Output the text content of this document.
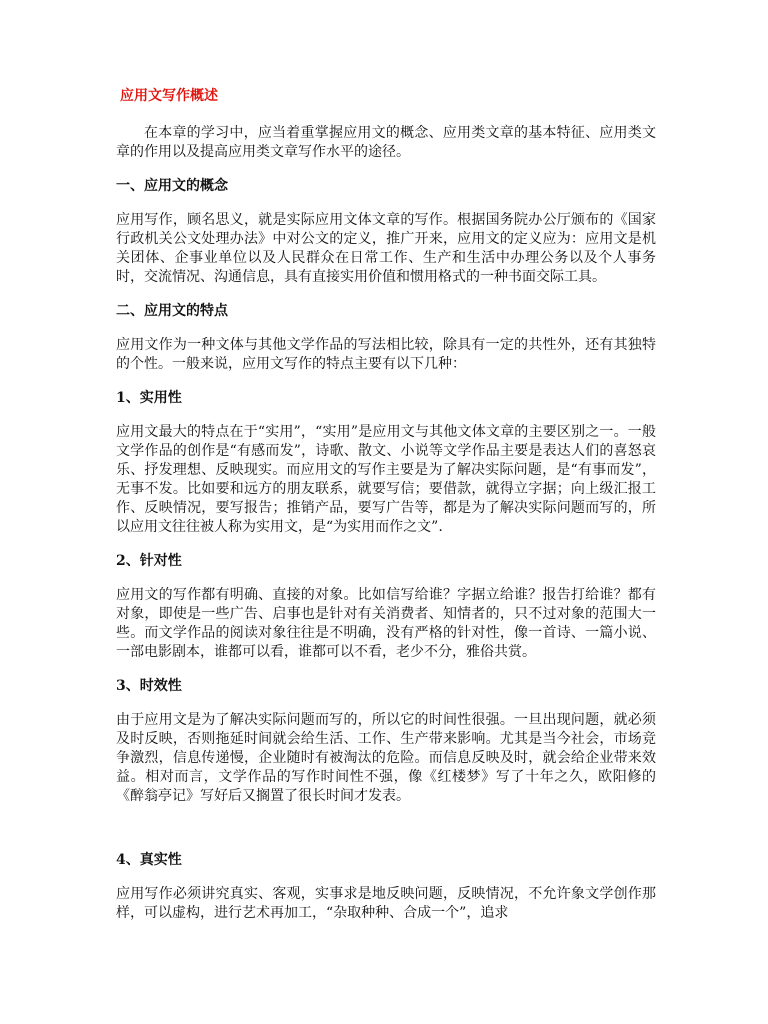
应用文写作概述

在本章的学习中，应当着重掌握应用文的概念、应用类文章的基本特征、应用类文章的作用以及提高应用类文章写作水平的途径。

一、应用文的概念

应用写作，顾名思义，就是实际应用文体文章的写作。根据国务院办公厅颁布的《国家行政机关公文处理办法》中对公文的定义，推广开来，应用文的定义应为：应用文是机关团体、企事业单位以及人民群众在日常工作、生产和生活中办理公务以及个人事务时，交流情况、沟通信息，具有直接实用价值和惯用格式的一种书面交际工具。

二、应用文的特点

应用文作为一种文体与其他文学作品的写法相比较，除具有一定的共性外，还有其独特的个性。一般来说，应用文写作的特点主要有以下几种：

1、实用性

应用文最大的特点在于“实用”，“实用”是应用文与其他文体文章的主要区别之一。一般文学作品的创作是“有感而发”，诗歌、散文、小说等文学作品主要是表达人们的喜怒哀乐、抒发理想、反映现实。而应用文的写作主要是为了解决实际问题，是“有事而发”，无事不发。比如要和远方的朋友联系，就要写信；要借款，就得立字据；向上级汇报工作、反映情况，要写报告；推销产品，要写广告等，都是为了解决实际问题而写的，所以应用文往往被人称为实用文，是“为实用而作之文”.

2、针对性

应用文的写作都有明确、直接的对象。比如信写给谁？字据立给谁？报告打给谁？都有对象，即使是一些广告、启事也是针对有关消费者、知情者的，只不过对象的范围大一些。而文学作品的阅读对象往往是不明确，没有严格的针对性，像一首诗、一篇小说、一部电影剧本，谁都可以看，谁都可以不看，老少不分，雅俗共赏。

3、时效性

由于应用文是为了解决实际问题而写的，所以它的时间性很强。一旦出现问题，就必须及时反映，否则拖延时间就会给生活、工作、生产带来影响。尤其是当今社会，市场竞争激烈，信息传递慢，企业随时有被淘汰的危险。而信息反映及时，就会给企业带来效益。相对而言，文学作品的写作时间性不强，像《红楼梦》写了十年之久，欧阳修的《醉翁亭记》写好后又搁置了很长时间才发表。

4、真实性

应用写作必须讲究真实、客观，实事求是地反映问题，反映情况，不允许象文学创作那样，可以虚构，进行艺术再加工，“杂取种种、合成一个”，追求
